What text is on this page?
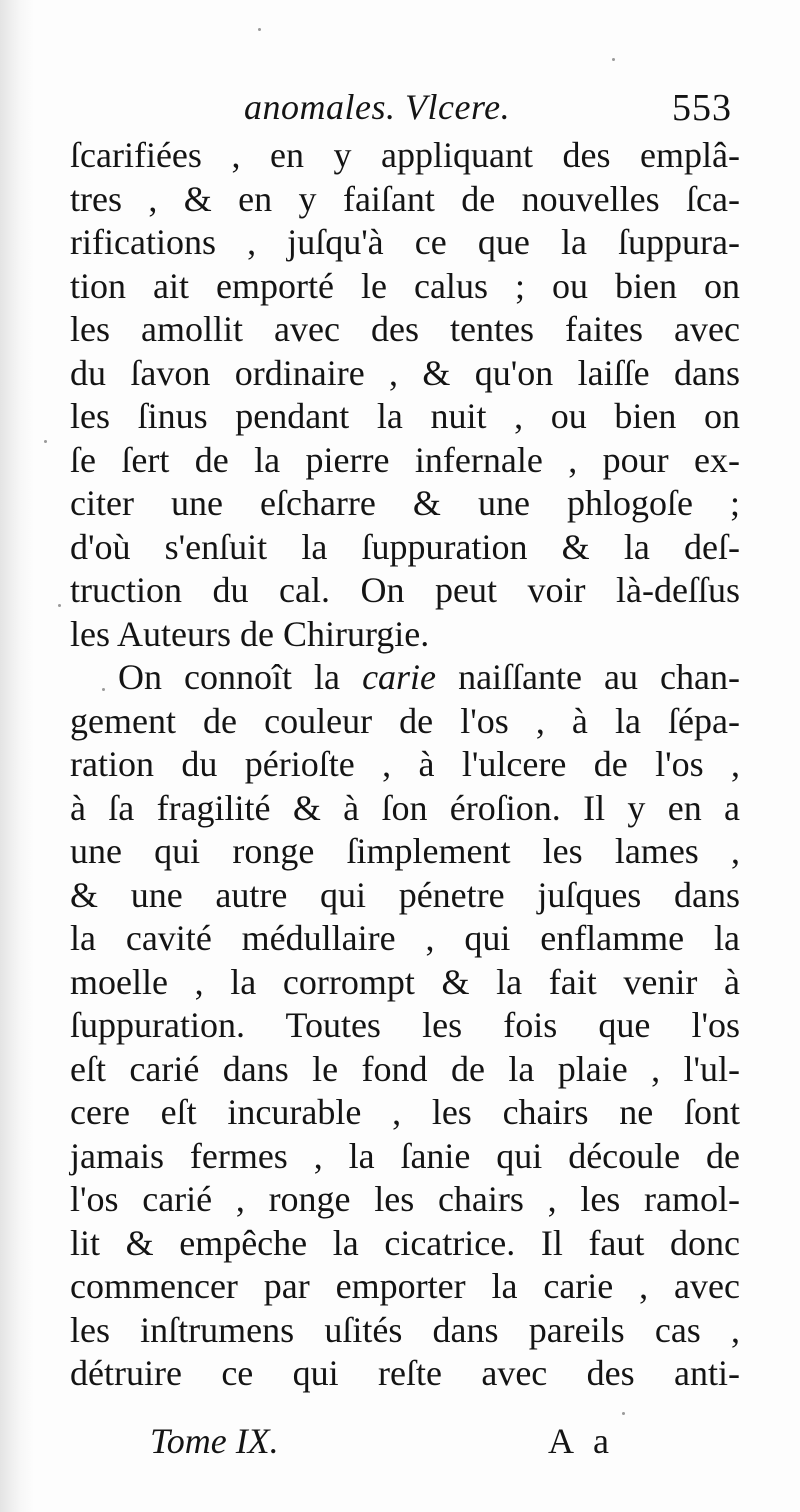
anomales. Vlcere.	553
ſcarifiées , en y appliquant des emplâ-
tres , & en y faiſant de nouvelles ſca-
rifications , juſqu'à ce que la ſuppura-
tion ait emporté le calus ; ou bien on
les amollit avec des tentes faites avec
du ſavon ordinaire , & qu'on laiſſe dans
les ſinus pendant la nuit , ou bien on
ſe ſert de la pierre infernale , pour ex-
citer une eſcharre & une phlogoſe ;
d'où s'enſuit la ſuppuration & la deſ-
truction du cal. On peut voir là-deſſus
les Auteurs de Chirurgie.
On connoît la carie naiſſante au chan-
gement de couleur de l'os , à la ſépa-
ration du périoſte , à l'ulcere de l'os ,
à ſa fragilité & à ſon éroſion. Il y en a
une qui ronge ſimplement les lames ,
& une autre qui pénetre juſques dans
la cavité médullaire , qui enflamme la
moelle , la corrompt & la fait venir à
ſuppuration. Toutes les fois que l'os
eſt carié dans le fond de la plaie , l'ul-
cere eſt incurable , les chairs ne ſont
jamais fermes , la ſanie qui découle de
l'os carié , ronge les chairs , les ramol-
lit & empêche la cicatrice. Il faut donc
commencer par emporter la carie , avec
les inſtrumens uſités dans pareils cas ,
détruire ce qui reſte avec des anti-
Tome IX.	A a
